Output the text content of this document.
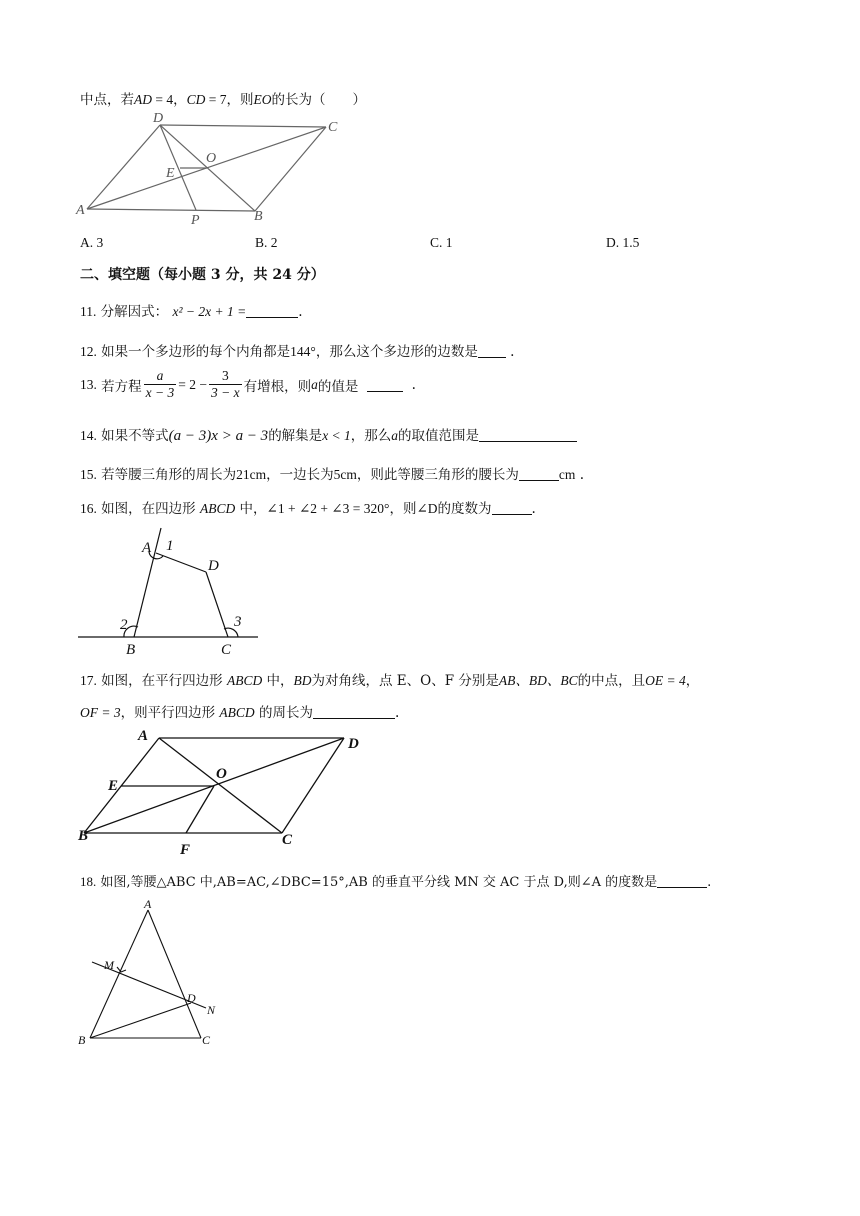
中点，若AD = 4，CD = 7，则EO的长为（　　）
D
C
O
E
A
P	B
A. 3	B. 2	C. 1	D. 1.5
二、填空题（每小题 3 分，共 24 分）
11. 分解因式： x² − 2x + 1 =	.
12. 如果一个多边形的每个内角都是144°，那么这个多边形的边数是 .
13.
若方程 $\frac{a}{x - 3} = 2 - \frac{3}{3 - x}$ 有增根，则 a 的值是

	.
14. 如果不等式(a − 3)x > a − 3的解集是x < 1，那么a的取值范围是
15. 若等腰三角形的周长为21cm，一边长为5cm，则此等腰三角形的腰长为	cm .
16. 如图，在四边形 ABCD 中，∠1 + ∠2 + ∠3 = 320°，则∠D的度数为	.
A 1
D
2	3
B	C
17. 如图，在平行四边形 ABCD 中，BD为对角线，点 E、O、F 分别是AB、BD、BC的中点，且OE = 4，
OF = 3，则平行四边形 ABCD 的周长为	.
A	D
E
O
B
F
C
18. 如图,等腰△ABC 中,AB=AC,∠DBC=15°,AB 的垂直平分线 MN 交 AC 于点 D,则∠A 的度数是	.
A
M
D
N
B	C
